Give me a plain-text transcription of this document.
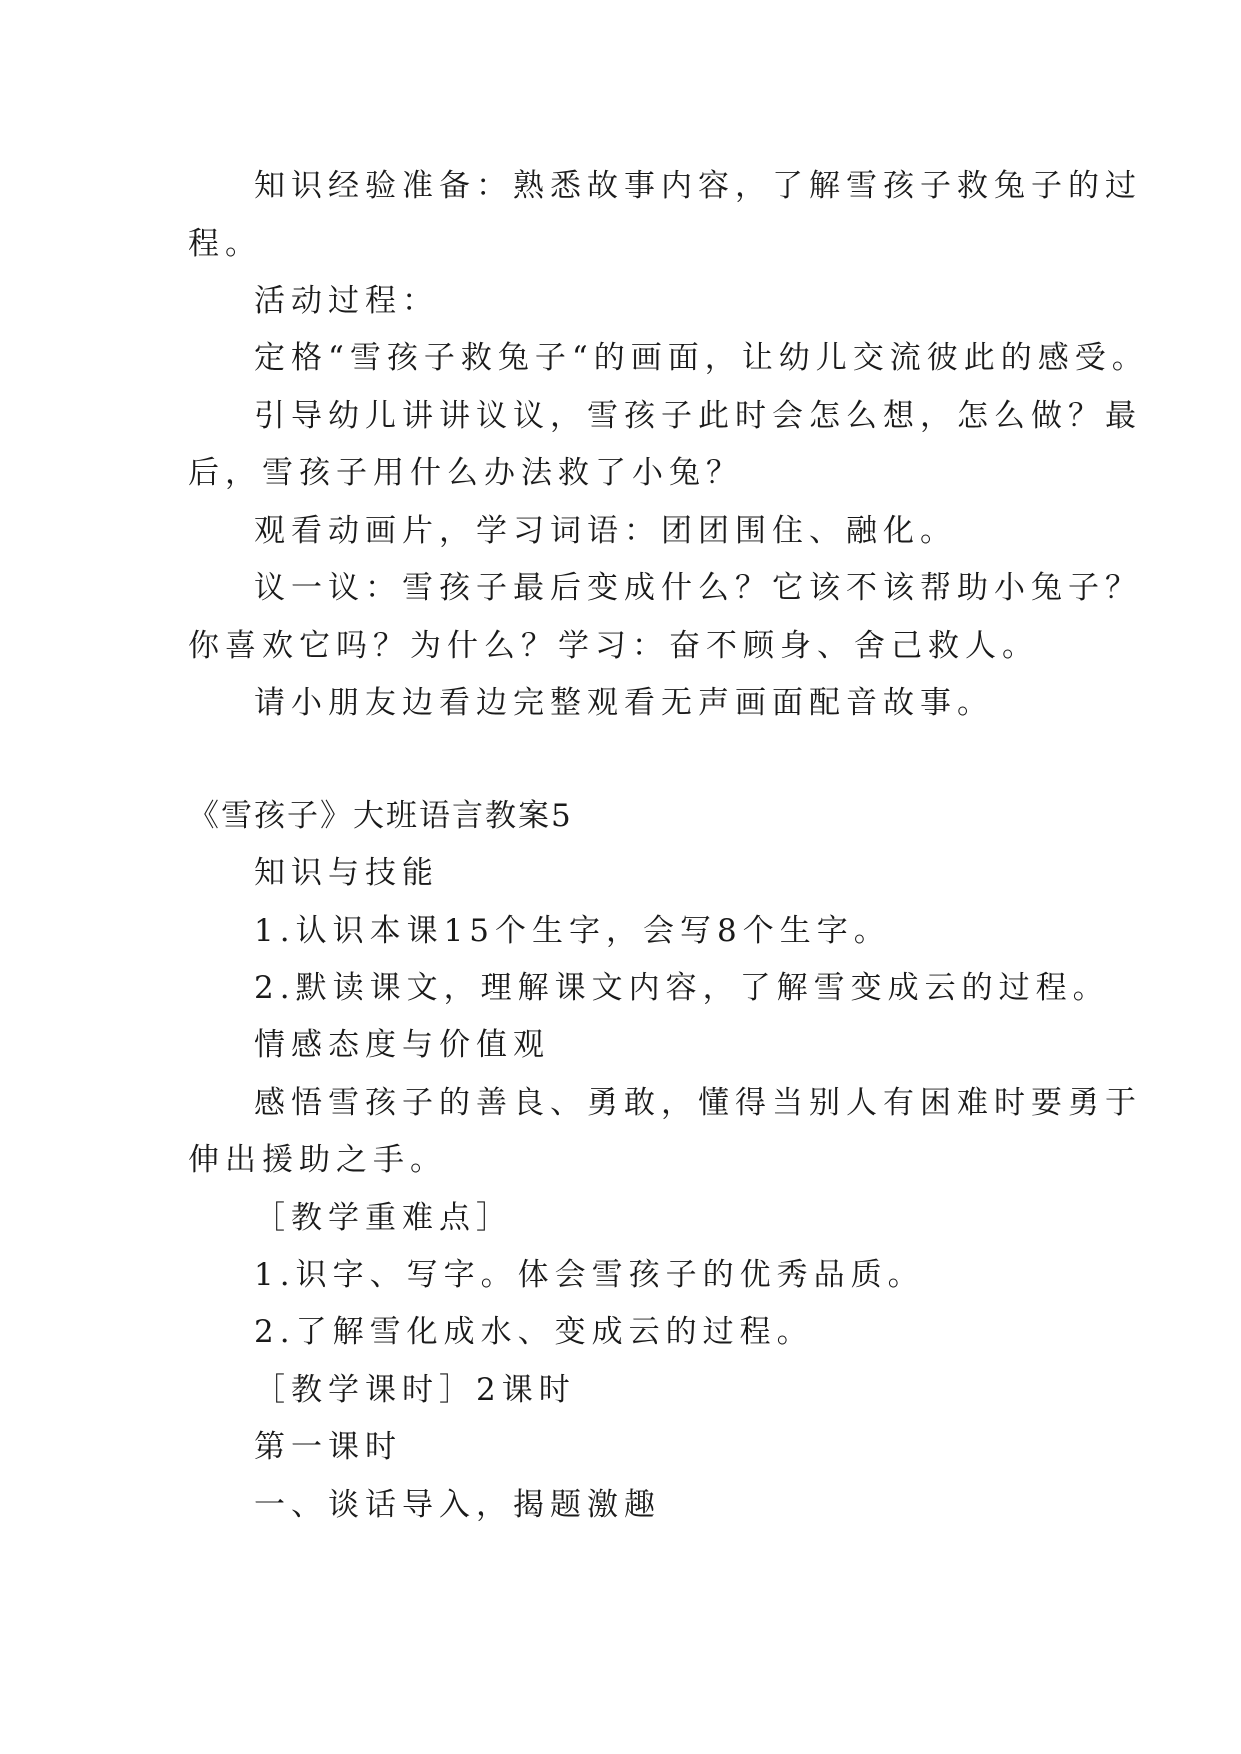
知识经验准备：熟悉故事内容，了解雪孩子救兔子的过
程。
活动过程：
定格“雪孩子救兔子“的画面，让幼儿交流彼此的感受。
引导幼儿讲讲议议，雪孩子此时会怎么想，怎么做？最
后，雪孩子用什么办法救了小兔？
观看动画片，学习词语：团团围住、融化。
议一议：雪孩子最后变成什么？它该不该帮助小兔子？
你喜欢它吗？为什么？学习：奋不顾身、舍己救人。
请小朋友边看边完整观看无声画面配音故事。
《雪孩子》大班语言教案5
知识与技能
1.认识本课15个生字，会写8个生字。
2.默读课文，理解课文内容，了解雪变成云的过程。
情感态度与价值观
感悟雪孩子的善良、勇敢，懂得当别人有困难时要勇于
伸出援助之手。
［教学重难点］
1.识字、写字。体会雪孩子的优秀品质。
2.了解雪化成水、变成云的过程。
［教学课时］2课时
第一课时
一、谈话导入，揭题激趣
